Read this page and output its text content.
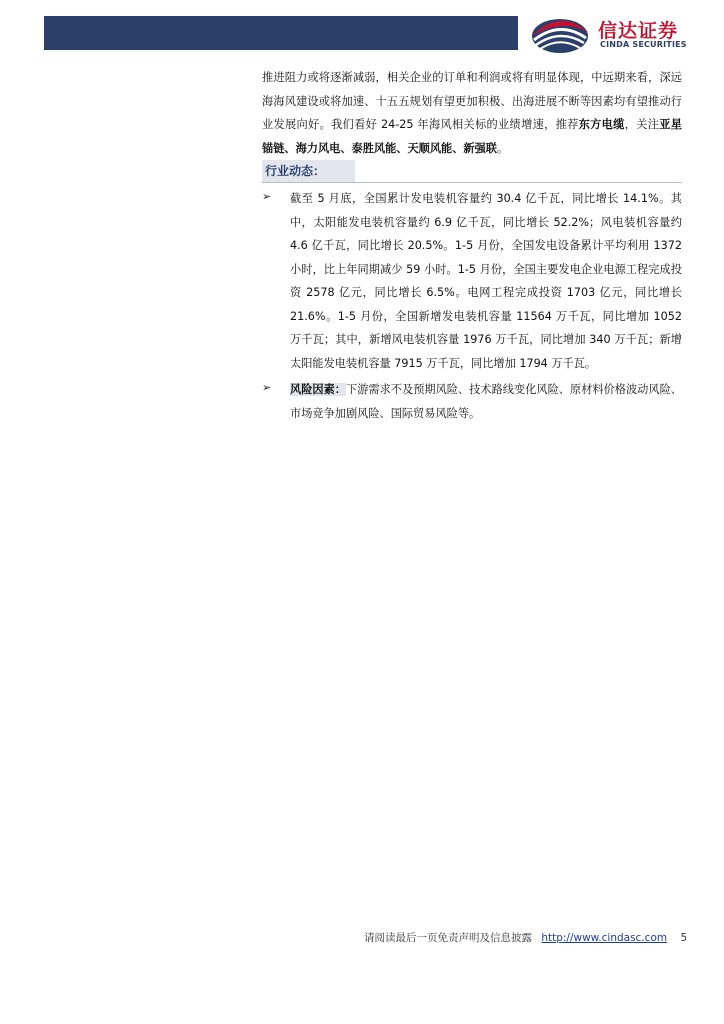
信达证券
CINDA SECURITIES
推进阻力或将逐渐减弱，相关企业的订单和利润或将有明显体现，中远期来看，深远海海风建设或将加速、十五五规划有望更加积极、出海进展不断等因素均有望推动行业发展向好。我们看好 24-25 年海风相关标的业绩增速，推荐东方电缆，关注亚星锚链、海力风电、泰胜风能、天顺风能、新强联。
行业动态：
➢ 截至 5 月底，全国累计发电装机容量约 30.4 亿千瓦，同比增长 14.1%。其中，太阳能发电装机容量约 6.9 亿千瓦，同比增长 52.2%；风电装机容量约 4.6 亿千瓦，同比增长 20.5%。1-5 月份，全国发电设备累计平均利用 1372 小时，比上年同期减少 59 小时。1-5 月份，全国主要发电企业电源工程完成投资 2578 亿元，同比增长 6.5%。电网工程完成投资 1703 亿元，同比增长 21.6%。1-5 月份，全国新增发电装机容量 11564 万千瓦，同比增加 1052 万千瓦；其中，新增风电装机容量 1976 万千瓦，同比增加 340 万千瓦；新增太阳能发电装机容量 7915 万千瓦，同比增加 1794 万千瓦。
➢ 风险因素：下游需求不及预期风险、技术路线变化风险、原材料价格波动风险、市场竞争加剧风险、国际贸易风险等。
请阅读最后一页免责声明及信息披露 http://www.cindasc.com 5
